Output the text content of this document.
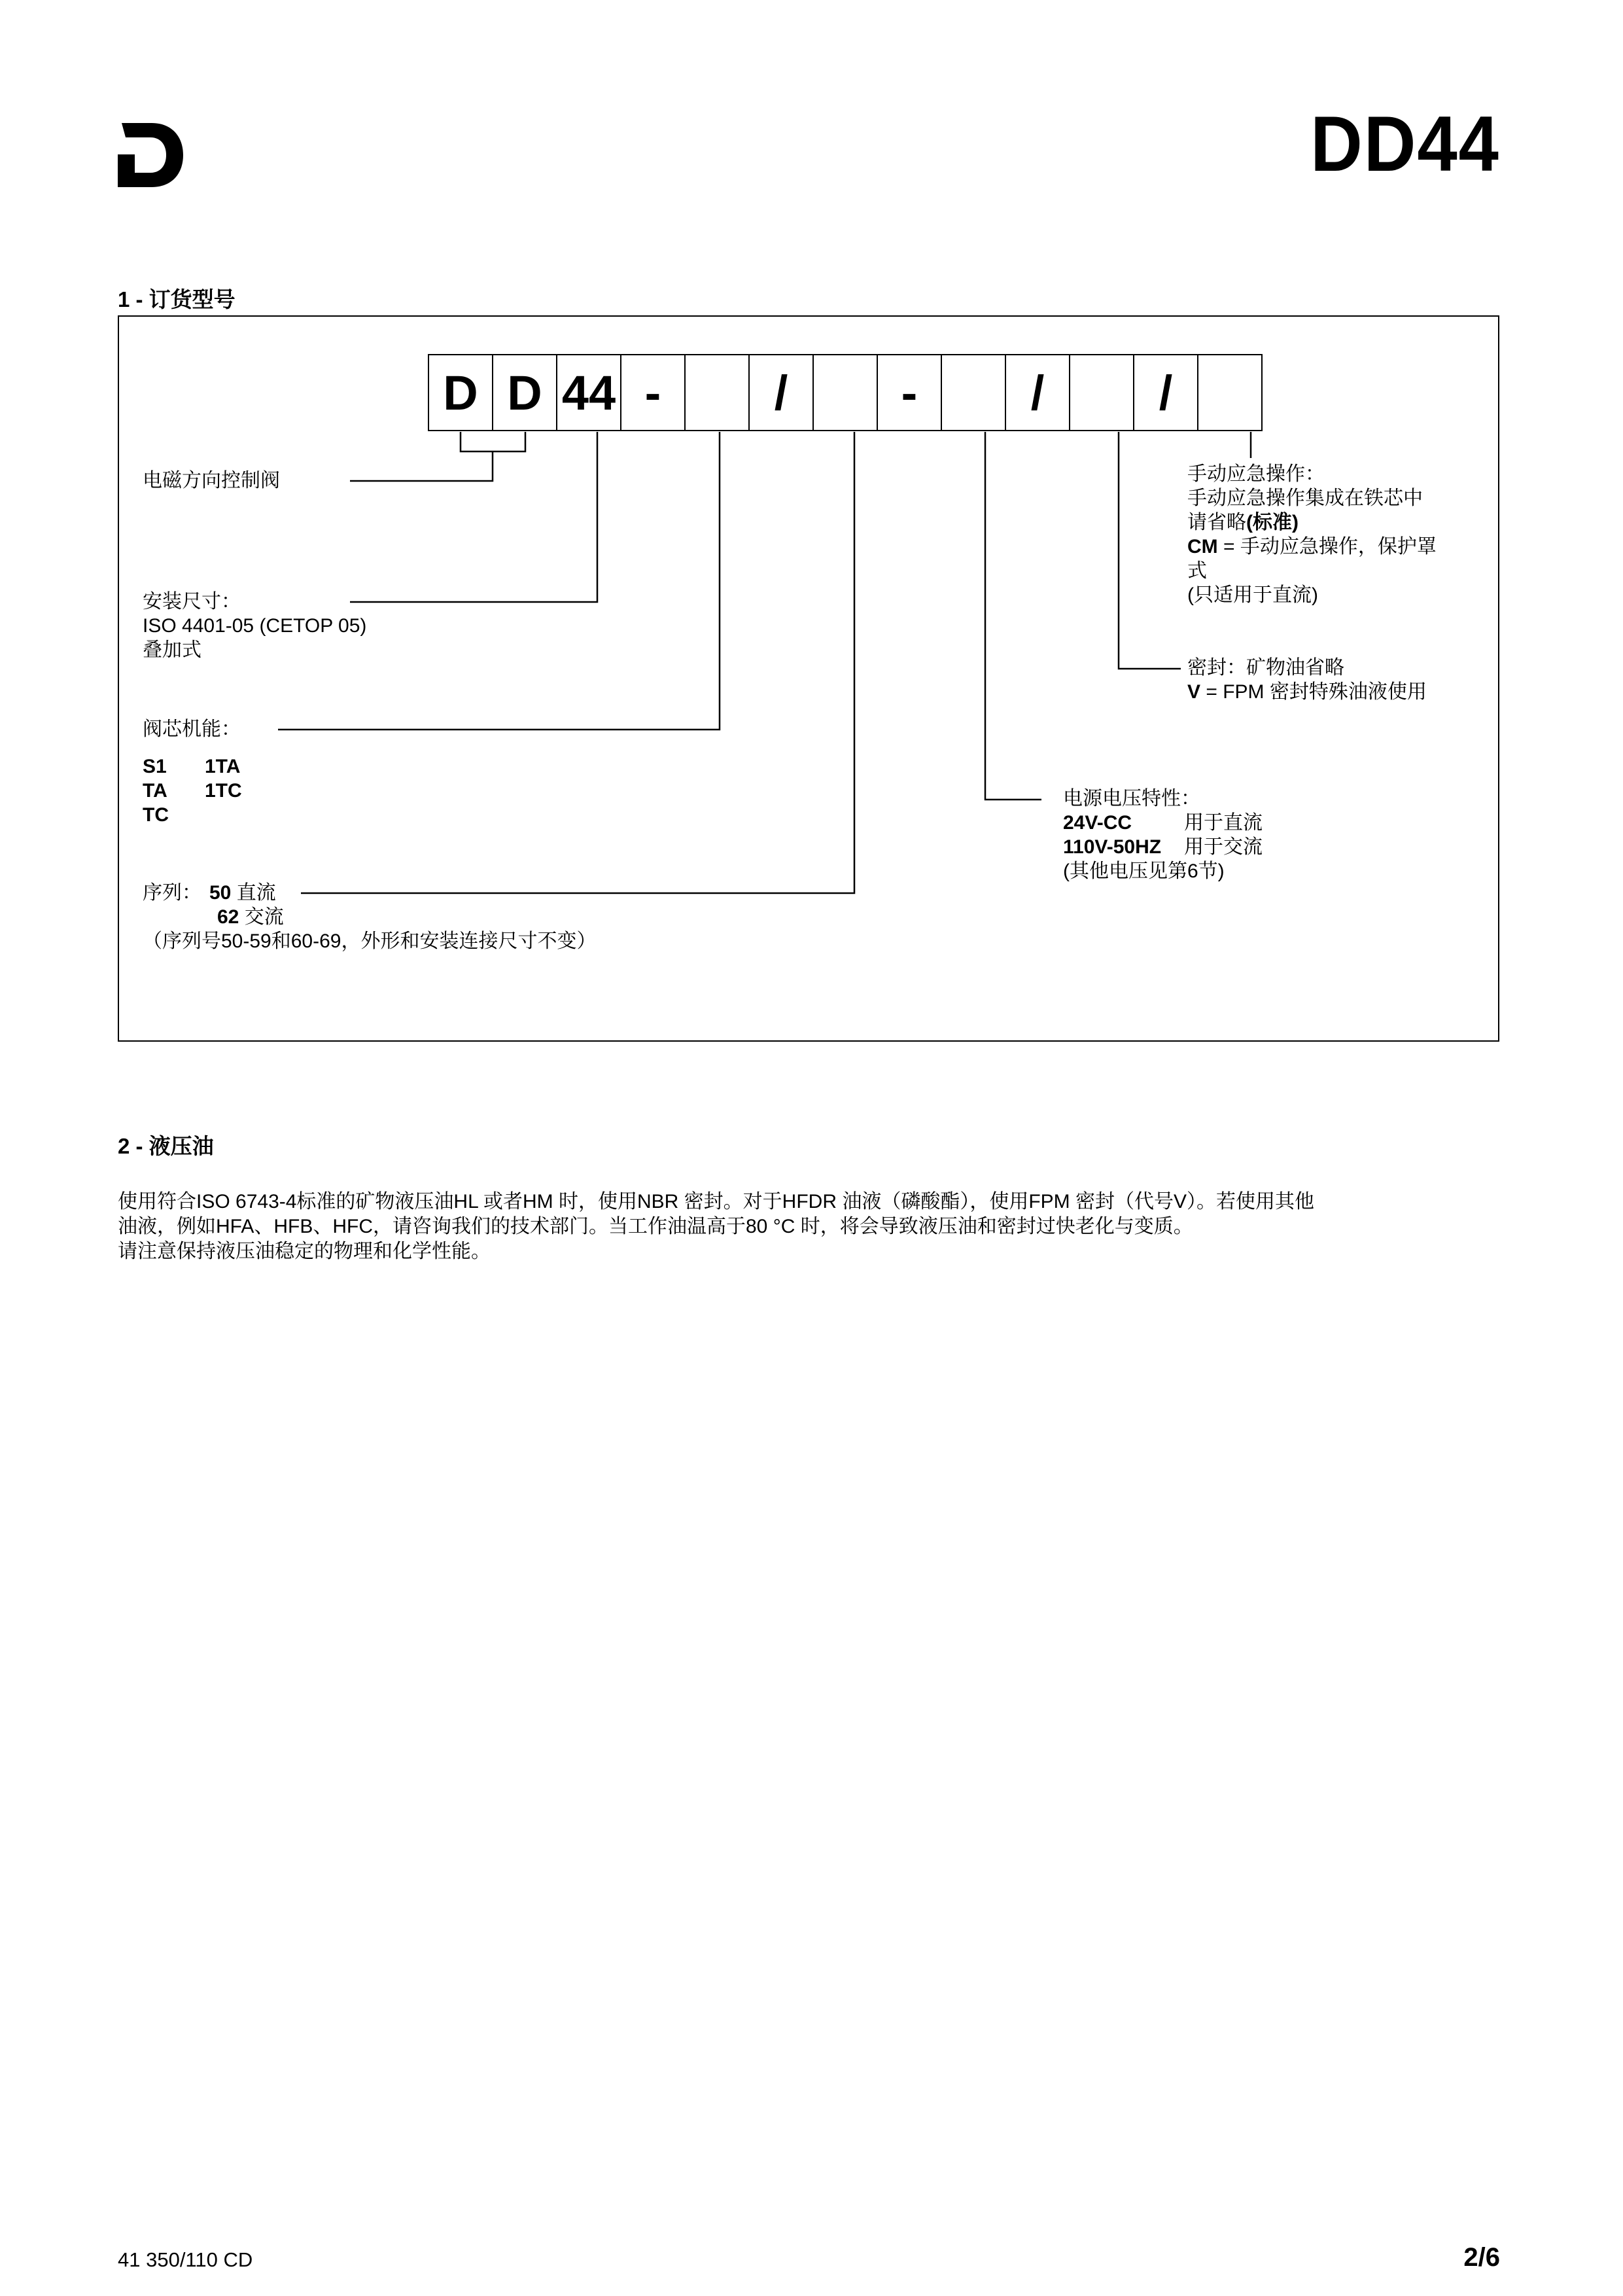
DD44
1 - 订货型号
D D 44 -	/	-	/	/
电磁方向控制阀
安装尺寸：
ISO 4401-05 (CETOP 05)
叠加式
阀芯机能：
S1 1TA
TA 1TC
TC
序列： 50 直流
62 交流
（序列号50-59和60-69，外形和安装连接尺寸不变）
手动应急操作：
手动应急操作集成在铁芯中
请省略(标准)
CM = 手动应急操作，保护罩
式
(只适用于直流)
密封：矿物油省略
V = FPM 密封特殊油液使用
电源电压特性：
24V-CC	用于直流
110V-50HZ 用于交流
(其他电压见第6节)
2 - 液压油

使用符合ISO 6743-4标准的矿物液压油HL 或者HM 时，使用NBR 密封。对于HFDR 油液（磷酸酯），使用FPM 密封（代号V）。若使用其他

油液，例如HFA、HFB、HFC，请咨询我们的技术部门。当工作油温高于80 °C 时，将会导致液压油和密封过快老化与变质。

请注意保持液压油稳定的物理和化学性能。

41 350/110 CD	2/6
